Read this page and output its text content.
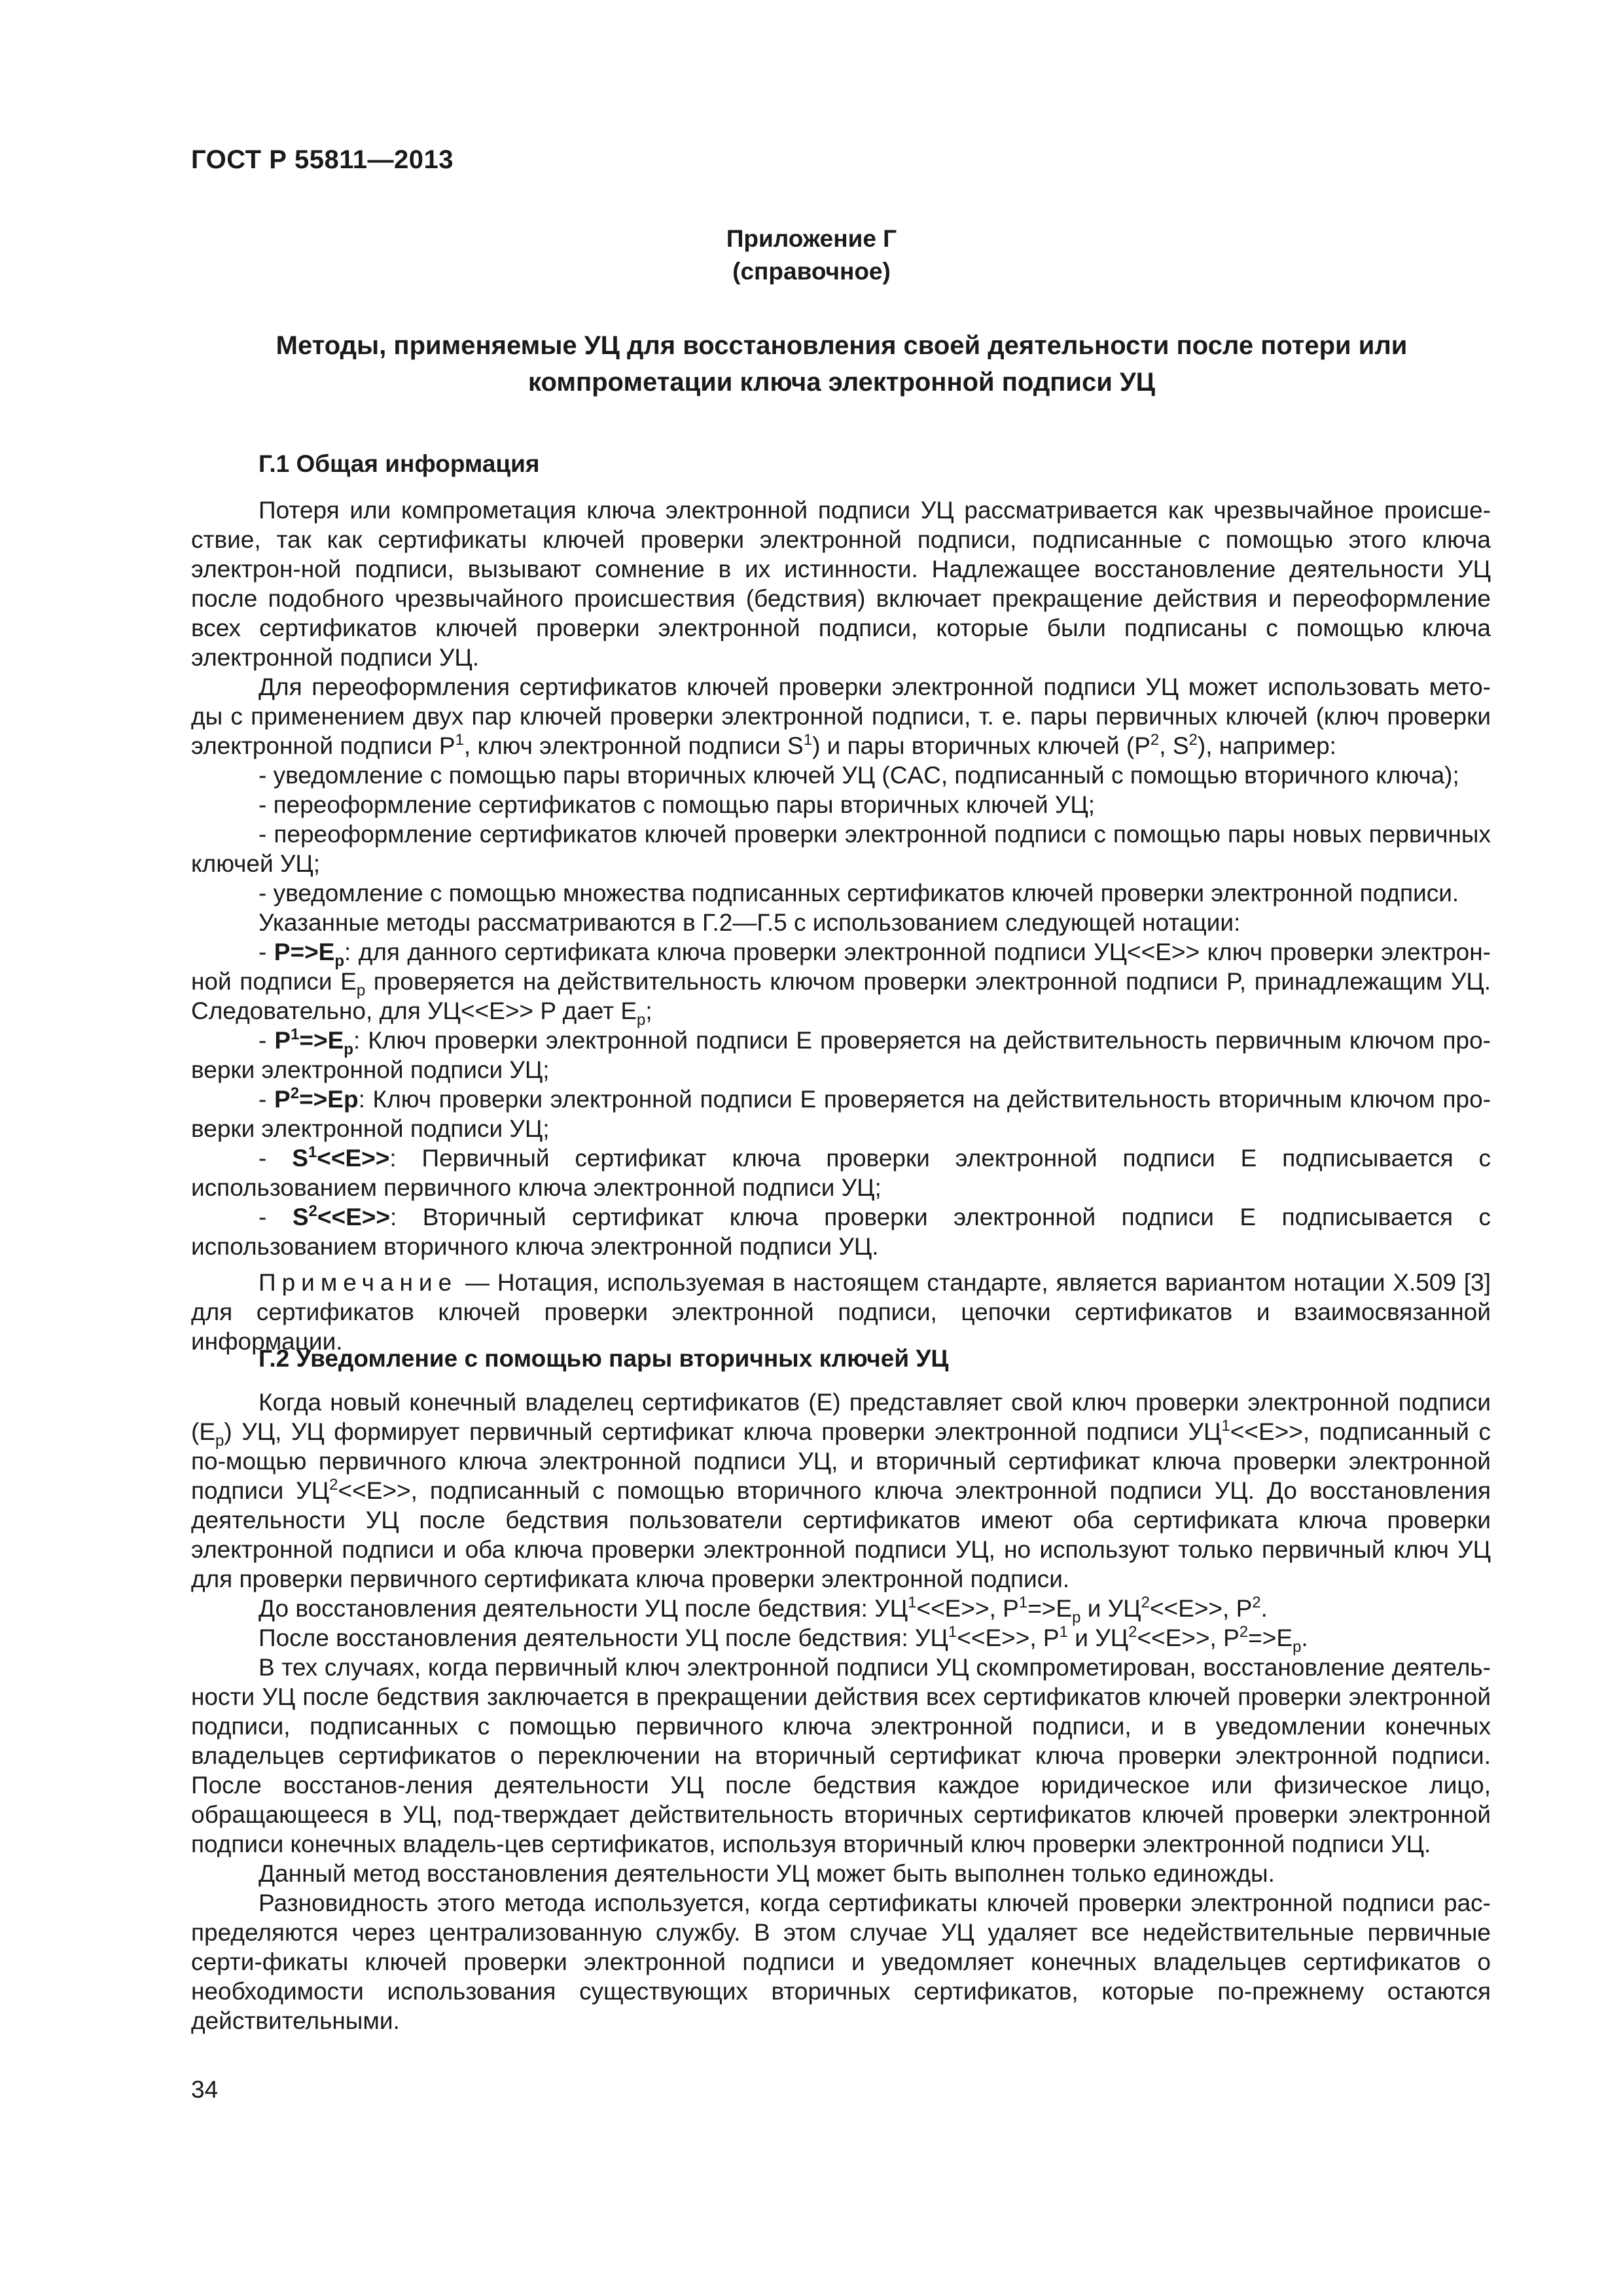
ГОСТ Р 55811—2013
Приложение Г
(справочное)
Методы, применяемые УЦ для восстановления своей деятельности после потери или
компрометации ключа электронной подписи УЦ
Г.1 Общая информация

Потеря или компрометация ключа электронной подписи УЦ рассматривается как чрезвычайное происше-ствие, так как сертификаты ключей проверки электронной подписи, подписанные с помощью этого ключа электрон-ной подписи, вызывают сомнение в их истинности. Надлежащее восстановление деятельности УЦ после подобного чрезвычайного происшествия (бедствия) включает прекращение действия и переоформление всех сертификатов ключей проверки электронной подписи, которые были подписаны с помощью ключа электронной подписи УЦ.

Для переоформления сертификатов ключей проверки электронной подписи УЦ может использовать мето-ды с применением двух пар ключей проверки электронной подписи, т. е. пары первичных ключей (ключ проверки электронной подписи $P^1$, ключ электронной подписи $S^1$) и пары вторичных ключей ($P^2$, $S^2$), например:

- уведомление с помощью пары вторичных ключей УЦ (CAC, подписанный с помощью вторичного ключа);

- переоформление сертификатов с помощью пары вторичных ключей УЦ;

- переоформление сертификатов ключей проверки электронной подписи с помощью пары новых первичных ключей УЦ;

- уведомление с помощью множества подписанных сертификатов ключей проверки электронной подписи.

Указанные методы рассматриваются в Г.2—Г.5 с использованием следующей нотации:

- $P=>E_p$: для данного сертификата ключа проверки электронной подписи УЦ<<E>> ключ проверки электрон-ной подписи $E_p$ проверяется на действительность ключом проверки электронной подписи P, принадлежащим УЦ. Следовательно, для УЦ<<E>> P дает $E_p$;

- $P^1=>E_p$: Ключ проверки электронной подписи E проверяется на действительность первичным ключом про-верки электронной подписи УЦ;

- $P^2=>Ep$: Ключ проверки электронной подписи E проверяется на действительность вторичным ключом про-верки электронной подписи УЦ;

- $S^1<<E>>$: Первичный сертификат ключа проверки электронной подписи E подписывается с использованием первичного ключа электронной подписи УЦ;

- $S^2<<E>>$: Вторичный сертификат ключа проверки электронной подписи E подписывается с использованием вторичного ключа электронной подписи УЦ.

Примечание — Нотация, используемая в настоящем стандарте, является вариантом нотации X.509 [3] для сертификатов ключей проверки электронной подписи, цепочки сертификатов и взаимосвязанной информации.

Г.2 Уведомление с помощью пары вторичных ключей УЦ

Когда новый конечный владелец сертификатов (E) представляет свой ключ проверки электронной подписи $(E_p)$ УЦ, УЦ формирует первичный сертификат ключа проверки электронной подписи $УЦ^1<<E>>$, подписанный с по-мощью первичного ключа электронной подписи УЦ, и вторичный сертификат ключа проверки электронной подписи $УЦ^2<<E>>$, подписанный с помощью вторичного ключа электронной подписи УЦ. До восстановления деятельности УЦ после бедствия пользователи сертификатов имеют оба сертификата ключа проверки электронной подписи и оба ключа проверки электронной подписи УЦ, но используют только первичный ключ УЦ для проверки первичного сертификата ключа проверки электронной подписи.

До восстановления деятельности УЦ после бедствия: $УЦ^1<<E>>$, $P^1=>E_p$ и $УЦ^2<<E>>$, $P^2$.

После восстановления деятельности УЦ после бедствия: $УЦ^1<<E>>$, $P^1$ и $УЦ^2<<E>>$, $P^2=>E_p$.

В тех случаях, когда первичный ключ электронной подписи УЦ скомпрометирован, восстановление деятель-ности УЦ после бедствия заключается в прекращении действия всех сертификатов ключей проверки электронной подписи, подписанных с помощью первичного ключа электронной подписи, и в уведомлении конечных владельцев сертификатов о переключении на вторичный сертификат ключа проверки электронной подписи. После восстанов-ления деятельности УЦ после бедствия каждое юридическое или физическое лицо, обращающееся в УЦ, под-тверждает действительность вторичных сертификатов ключей проверки электронной подписи конечных владель-цев сертификатов, используя вторичный ключ проверки электронной подписи УЦ.

Данный метод восстановления деятельности УЦ может быть выполнен только единожды.

Разновидность этого метода используется, когда сертификаты ключей проверки электронной подписи рас-пределяются через централизованную службу. В этом случае УЦ удаляет все недействительные первичные серти-фикаты ключей проверки электронной подписи и уведомляет конечных владельцев сертификатов о необходимости использования существующих вторичных сертификатов, которые по-прежнему остаются действительными.

34
